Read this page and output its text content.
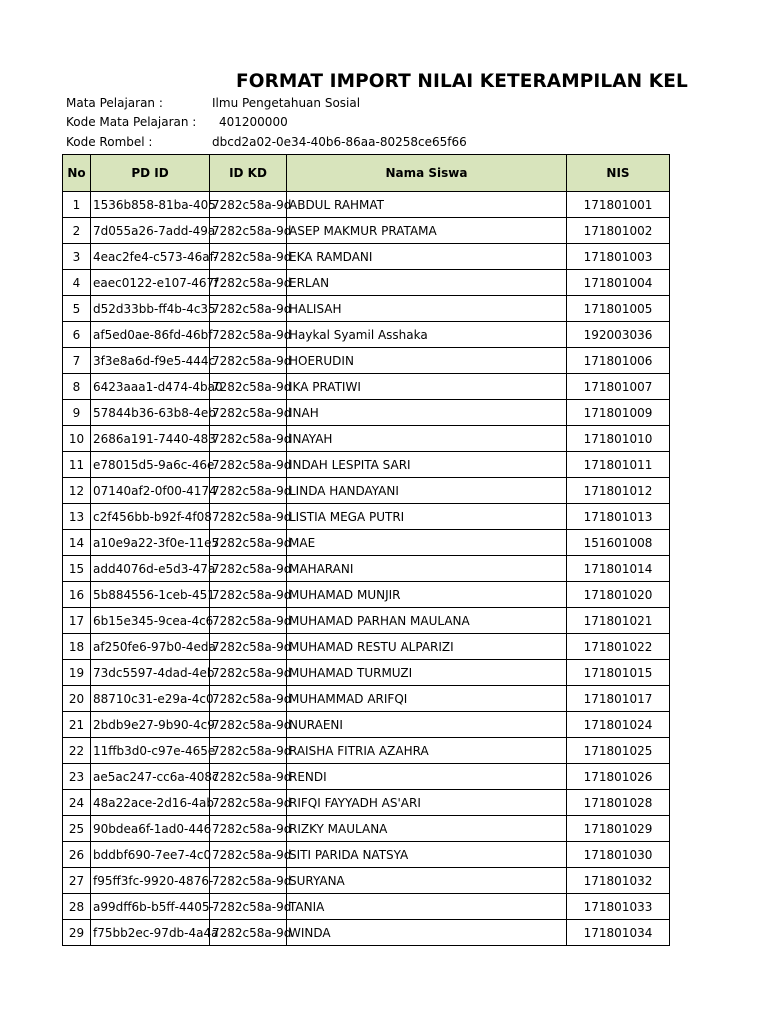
FORMAT IMPORT NILAI KETERAMPILAN KEL
Mata Pelajaran :	Ilmu Pengetahuan Sosial
Kode Mata Pelajaran : 401200000
Kode Rombel :	dbcd2a02-0e34-40b6-86aa-80258ce65f66
No	PD ID	ID KD	Nama Siswa	NIS
1	1536b858-81ba-405	7282c58a-9d	ABDUL RAHMAT	171801001
2	7d055a26-7add-49a	7282c58a-9d	ASEP MAKMUR PRATAMA	171801002
3	4eac2fe4-c573-46af-	7282c58a-9d	EKA RAMDANI	171801003
4	eaec0122-e107-467f	7282c58a-9d	ERLAN	171801004
5	d52d33bb-ff4b-4c35	7282c58a-9d	HALISAH	171801005
6	af5ed0ae-86fd-46bf	7282c58a-9d	Haykal Syamil Asshaka	192003036
7	3f3e8a6d-f9e5-444c	7282c58a-9d	HOERUDIN	171801006
8	6423aaa1-d474-4ba0	7282c58a-9d	IKA PRATIWI	171801007
9	57844b36-63b8-4eb	7282c58a-9d	INAH	171801009
10	2686a191-7440-483	7282c58a-9d	INAYAH	171801010
11	e78015d5-9a6c-46e	7282c58a-9d	INDAH LESPITA SARI	171801011
12	07140af2-0f00-4174	7282c58a-9d	LINDA HANDAYANI	171801012
13	c2f456bb-b92f-4f08	7282c58a-9d	LISTIA MEGA PUTRI	171801013
14	a10e9a22-3f0e-11e5	7282c58a-9d	MAE	151601008
15	add4076d-e5d3-47a	7282c58a-9d	MAHARANI	171801014
16	5b884556-1ceb-451	7282c58a-9d	MUHAMAD MUNJIR	171801020
17	6b15e345-9cea-4c6	7282c58a-9d	MUHAMAD PARHAN MAULANA	171801021
18	af250fe6-97b0-4eda	7282c58a-9d	MUHAMAD RESTU ALPARIZI	171801022
19	73dc5597-4dad-4eb	7282c58a-9d	MUHAMAD TURMUZI	171801015
20	88710c31-e29a-4c0	7282c58a-9d	MUHAMMAD ARIFQI	171801017
21	2bdb9e27-9b90-4c9	7282c58a-9d	NURAENI	171801024
22	11ffb3d0-c97e-465e	7282c58a-9d	RAISHA FITRIA AZAHRA	171801025
23	ae5ac247-cc6a-408c	7282c58a-9d	RENDI	171801026
24	48a22ace-2d16-4ab	7282c58a-9d	RIFQI FAYYADH AS'ARI	171801028
25	90bdea6f-1ad0-446	7282c58a-9d	RIZKY MAULANA	171801029
26	bddbf690-7ee7-4c0	7282c58a-9d	SITI PARIDA NATSYA	171801030
27	f95ff3fc-9920-4876-	7282c58a-9d	SURYANA	171801032
28	a99dff6b-b5ff-4405-	7282c58a-9d	TANIA	171801033
29	f75bb2ec-97db-4a4a	7282c58a-9d	WINDA	171801034
